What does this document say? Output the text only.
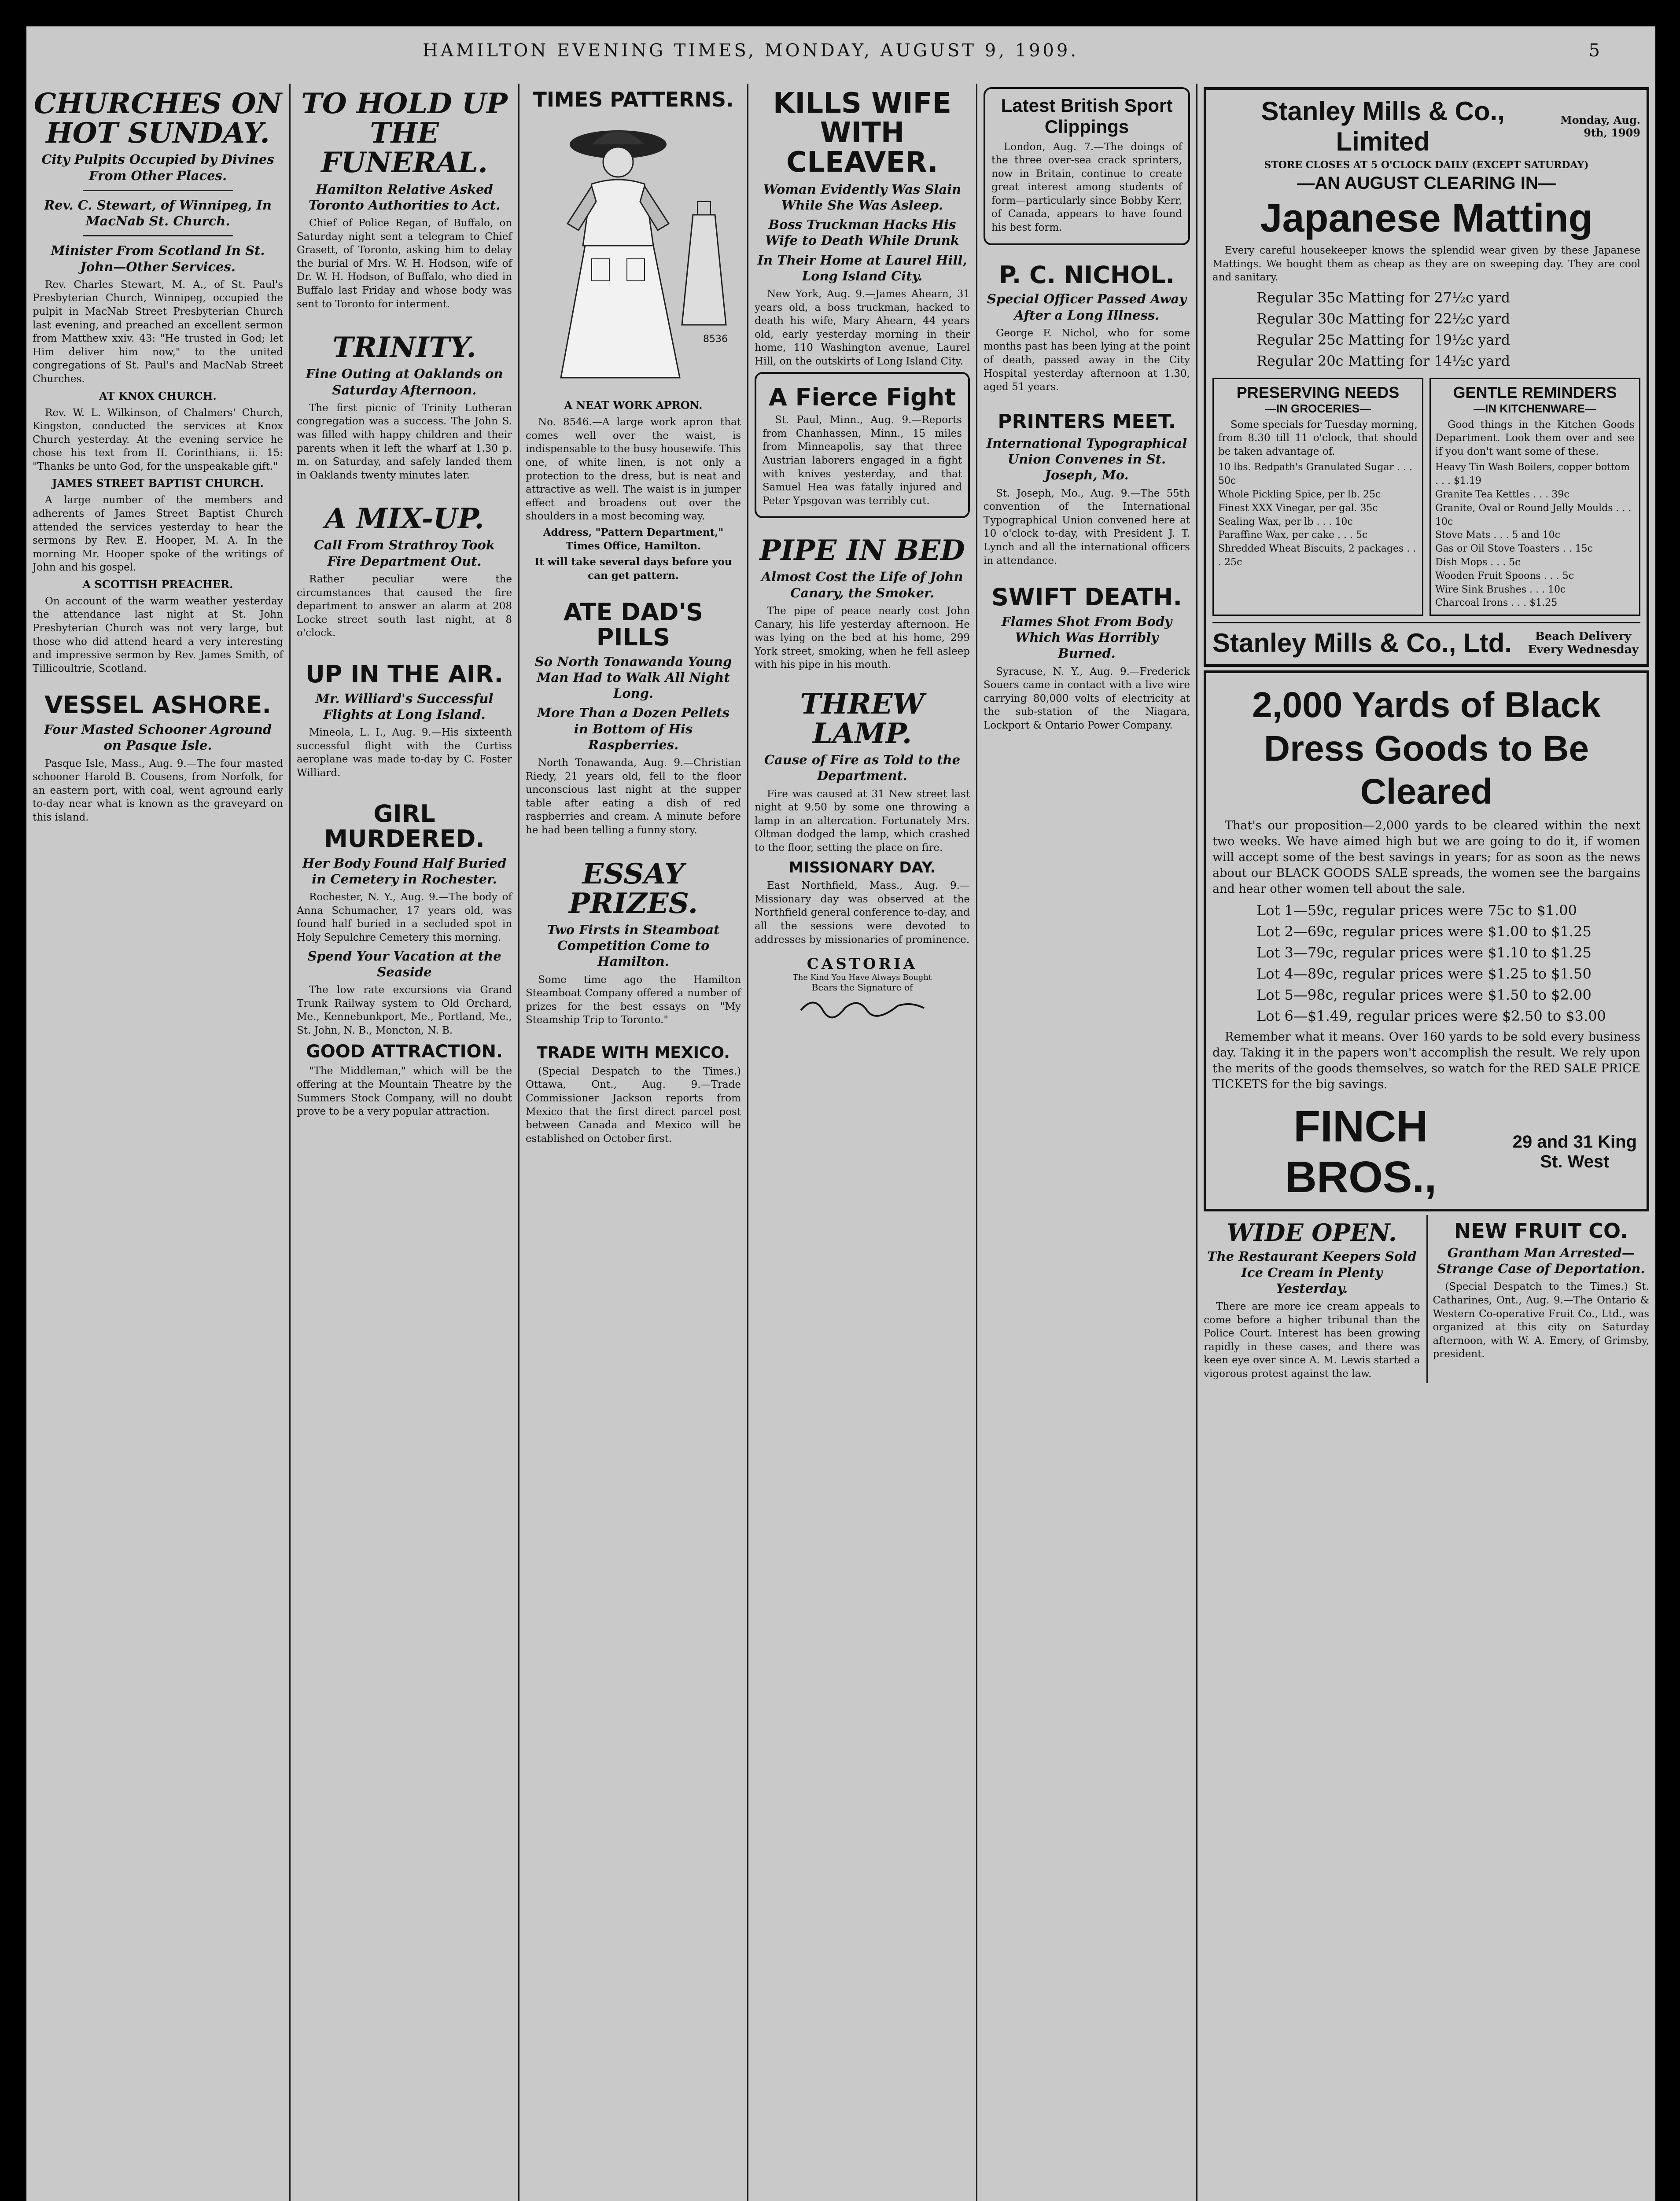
HAMILTON EVENING TIMES, MONDAY, AUGUST 9, 1909.	5
CHURCHES ON HOT SUNDAY.
City Pulpits Occupied by Divines From Other Places.
Rev. C. Stewart, of Winnipeg, In MacNab St. Church.
Minister From Scotland In St. John—Other Services.

Rev. Charles Stewart, M. A., of St. Paul's Presbyterian Church, Winnipeg, occupied the pulpit in MacNab Street Presbyterian Church last evening, and preached an excellent sermon from Matthew xxiv. 43: "He trusted in God; let Him deliver him now," to the united congregations of St. Paul's and MacNab Street Churches.

AT KNOX CHURCH.

Rev. W. L. Wilkinson, of Chalmers' Church, Kingston, conducted the services at Knox Church yesterday. At the evening service he chose his text from II. Corinthians, ii. 15: "Thanks be unto God, for the unspeakable gift."

JAMES STREET BAPTIST CHURCH.

A large number of the members and adherents of James Street Baptist Church attended the services yesterday to hear the sermons by Rev. E. Hooper, M. A. In the morning Mr. Hooper spoke of the writings of John and his gospel.

A SCOTTISH PREACHER.

On account of the warm weather yesterday the attendance last night at St. John Presbyterian Church was not very large, but those who did attend heard a very interesting and impressive sermon by Rev. James Smith, of Tillicoultrie, Scotland.

VESSEL ASHORE.
Four Masted Schooner Aground on Pasque Isle.

Pasque Isle, Mass., Aug. 9.—The four masted schooner Harold B. Cousens, from Norfolk, for an eastern port, with coal, went aground early to-day near what is known as the graveyard on this island.

TO HOLD UP THE FUNERAL.
Hamilton Relative Asked Toronto Authorities to Act.

Chief of Police Regan, of Buffalo, on Saturday night sent a telegram to Chief Grasett, of Toronto, asking him to delay the burial of Mrs. W. H. Hodson, wife of Dr. W. H. Hodson, of Buffalo, who died in Buffalo last Friday and whose body was sent to Toronto for interment.

TRINITY.
Fine Outing at Oaklands on Saturday Afternoon.

The first picnic of Trinity Lutheran congregation was a success. The John S. was filled with happy children and their parents when it left the wharf at 1.30 p. m. on Saturday, and safely landed them in Oaklands twenty minutes later.

A MIX-UP.
Call From Strathroy Took Fire Department Out.

Rather peculiar were the circumstances that caused the fire department to answer an alarm at 208 Locke street south last night, at 8 o'clock.

UP IN THE AIR.
Mr. Williard's Successful Flights at Long Island.

Mineola, L. I., Aug. 9.—His sixteenth successful flight with the Curtiss aeroplane was made to-day by C. Foster Williard.

GIRL MURDERED.
Her Body Found Half Buried in Cemetery in Rochester.

Rochester, N. Y., Aug. 9.—The body of Anna Schumacher, 17 years old, was found half buried in a secluded spot in Holy Sepulchre Cemetery this morning.

Spend Your Vacation at the Seaside

The low rate excursions via Grand Trunk Railway system to Old Orchard, Me., Kennebunkport, Me., Portland, Me., St. John, N. B., Moncton, N. B.

GOOD ATTRACTION.

"The Middleman," which will be the offering at the Mountain Theatre by the Summers Stock Company, will no doubt prove to be a very popular attraction.

TIMES PATTERNS.
8536
A NEAT WORK APRON.

No. 8546.—A large work apron that comes well over the waist, is indispensable to the busy housewife. This one, of white linen, is not only a protection to the dress, but is neat and attractive as well. The waist is in jumper effect and broadens out over the shoulders in a most becoming way.

Address, "Pattern Department," Times Office, Hamilton.

It will take several days before you can get pattern.

ATE DAD'S PILLS
So North Tonawanda Young Man Had to Walk All Night Long.
More Than a Dozen Pellets in Bottom of His Raspberries.

North Tonawanda, Aug. 9.—Christian Riedy, 21 years old, fell to the floor unconscious last night at the supper table after eating a dish of red raspberries and cream. A minute before he had been telling a funny story.

ESSAY PRIZES.
Two Firsts in Steamboat Competition Come to Hamilton.

Some time ago the Hamilton Steamboat Company offered a number of prizes for the best essays on "My Steamship Trip to Toronto."

TRADE WITH MEXICO.

(Special Despatch to the Times.) Ottawa, Ont., Aug. 9.—Trade Commissioner Jackson reports from Mexico that the first direct parcel post between Canada and Mexico will be established on October first.

KILLS WIFE WITH CLEAVER.
Woman Evidently Was Slain While She Was Asleep.
Boss Truckman Hacks His Wife to Death While Drunk
In Their Home at Laurel Hill, Long Island City.

New York, Aug. 9.—James Ahearn, 31 years old, a boss truckman, hacked to death his wife, Mary Ahearn, 44 years old, early yesterday morning in their home, 110 Washington avenue, Laurel Hill, on the outskirts of Long Island City.

A Fierce Fight

St. Paul, Minn., Aug. 9.—Reports from Chanhassen, Minn., 15 miles from Minneapolis, say that three Austrian laborers engaged in a fight with knives yesterday, and that Samuel Hea was fatally injured and Peter Ypsgovan was terribly cut.

PIPE IN BED
Almost Cost the Life of John Canary, the Smoker.

The pipe of peace nearly cost John Canary, his life yesterday afternoon. He was lying on the bed at his home, 299 York street, smoking, when he fell asleep with his pipe in his mouth.

THREW LAMP.
Cause of Fire as Told to the Department.

Fire was caused at 31 New street last night at 9.50 by some one throwing a lamp in an altercation. Fortunately Mrs. Oltman dodged the lamp, which crashed to the floor, setting the place on fire.

MISSIONARY DAY.

East Northfield, Mass., Aug. 9.—Missionary day was observed at the Northfield general conference to-day, and all the sessions were devoted to addresses by missionaries of prominence.

CASTORIA
The Kind You Have Always Bought
Bears the Signature of
Latest British Sport Clippings

London, Aug. 7.—The doings of the three over-sea crack sprinters, now in Britain, continue to create great interest among students of form—particularly since Bobby Kerr, of Canada, appears to have found his best form.

P. C. NICHOL.
Special Officer Passed Away After a Long Illness.

George F. Nichol, who for some months past has been lying at the point of death, passed away in the City Hospital yesterday afternoon at 1.30, aged 51 years.

PRINTERS MEET.
International Typographical Union Convenes in St. Joseph, Mo.

St. Joseph, Mo., Aug. 9.—The 55th convention of the International Typographical Union convened here at 10 o'clock to-day, with President J. T. Lynch and all the international officers in attendance.

SWIFT DEATH.
Flames Shot From Body Which Was Horribly Burned.

Syracuse, N. Y., Aug. 9.—Frederick Souers came in contact with a live wire carrying 80,000 volts of electricity at the sub-station of the Niagara, Lockport & Ontario Power Company.

Stanley Mills & Co., Limited
Monday, Aug. 9th, 1909
STORE CLOSES AT 5 O'CLOCK DAILY (EXCEPT SATURDAY)
—AN AUGUST CLEARING IN—
Japanese Matting

Every careful housekeeper knows the splendid wear given by these Japanese Mattings. We bought them as cheap as they are on sweeping day. They are cool and sanitary.

Regular 35c Matting for 27½c yard
Regular 30c Matting for 22½c yard
Regular 25c Matting for 19½c yard
Regular 20c Matting for 14½c yard
PRESERVING NEEDS
—IN GROCERIES—

Some specials for Tuesday morning, from 8.30 till 11 o'clock, that should be taken advantage of.

10 lbs. Redpath's Granulated Sugar . . . 50c
Whole Pickling Spice, per lb. 25c
Finest XXX Vinegar, per gal. 35c
Sealing Wax, per lb . . . 10c
Paraffine Wax, per cake . . . 5c
Shredded Wheat Biscuits, 2 packages . . . 25c
GENTLE REMINDERS
—IN KITCHENWARE—

Good things in the Kitchen Goods Department. Look them over and see if you don't want some of these.

Heavy Tin Wash Boilers, copper bottom . . . $1.19
Granite Tea Kettles . . . 39c
Granite, Oval or Round Jelly Moulds . . . 10c
Stove Mats . . . 5 and 10c
Gas or Oil Stove Toasters . . 15c
Dish Mops . . . 5c
Wooden Fruit Spoons . . . 5c
Wire Sink Brushes . . . 10c
Charcoal Irons . . . $1.25
Stanley Mills & Co., Ltd.	Beach Delivery Every Wednesday
2,000 Yards of Black Dress Goods to Be Cleared

That's our proposition—2,000 yards to be cleared within the next two weeks. We have aimed high but we are going to do it, if women will accept some of the best savings in years; for as soon as the news about our BLACK GOODS SALE spreads, the women see the bargains and hear other women tell about the sale.

Lot 1—59c, regular prices were 75c to $1.00
Lot 2—69c, regular prices were $1.00 to $1.25
Lot 3—79c, regular prices were $1.10 to $1.25
Lot 4—89c, regular prices were $1.25 to $1.50
Lot 5—98c, regular prices were $1.50 to $2.00
Lot 6—$1.49, regular prices were $2.50 to $3.00

Remember what it means. Over 160 yards to be sold every business day. Taking it in the papers won't accomplish the result. We rely upon the merits of the goods themselves, so watch for the RED SALE PRICE TICKETS for the big savings.

FINCH BROS.,
29 and 31 King St. West
WIDE OPEN.
The Restaurant Keepers Sold Ice Cream in Plenty Yesterday.

There are more ice cream appeals to come before a higher tribunal than the Police Court. Interest has been growing rapidly in these cases, and there was keen eye over since A. M. Lewis started a vigorous protest against the law.

NEW FRUIT CO.
Grantham Man Arrested—Strange Case of Deportation.

(Special Despatch to the Times.) St. Catharines, Ont., Aug. 9.—The Ontario & Western Co-operative Fruit Co., Ltd., was organized at this city on Saturday afternoon, with W. A. Emery, of Grimsby, president.
